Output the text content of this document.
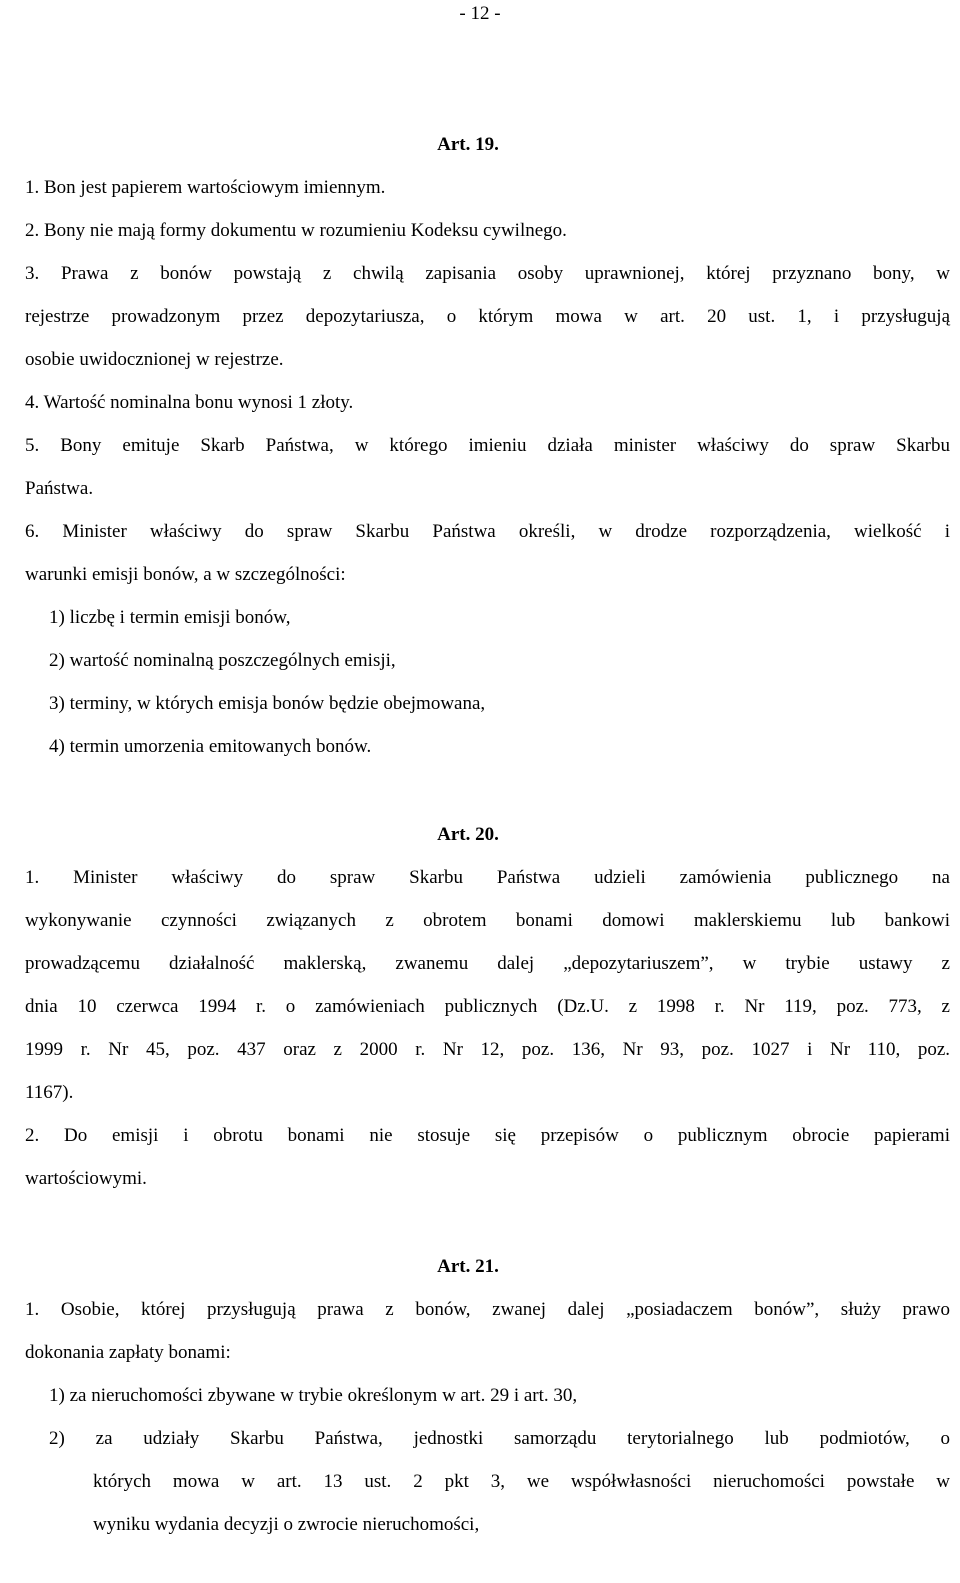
- 12 -
Art. 19.
1. Bon jest papierem wartościowym imiennym.
2. Bony nie mają formy dokumentu w rozumieniu Kodeksu cywilnego.
3. Prawa z bonów powstają z chwilą zapisania osoby uprawnionej, której przyznano bony, w
rejestrze prowadzonym przez depozytariusza, o którym mowa w art. 20 ust. 1, i przysługują
osobie uwidocznionej w rejestrze.
4. Wartość nominalna bonu wynosi 1 złoty.
5. Bony emituje Skarb Państwa, w którego imieniu działa minister właściwy do spraw Skarbu
Państwa.
6. Minister właściwy do spraw Skarbu Państwa określi, w drodze rozporządzenia, wielkość i
warunki emisji bonów, a w szczególności:
1) liczbę i termin emisji bonów,
2) wartość nominalną poszczególnych emisji,
3) terminy, w których emisja bonów będzie obejmowana,
4) termin umorzenia emitowanych bonów.
Art. 20.
1. Minister właściwy do spraw Skarbu Państwa udzieli zamówienia publicznego na
wykonywanie czynności związanych z obrotem bonami domowi maklerskiemu lub bankowi
prowadzącemu działalność maklerską, zwanemu dalej „depozytariuszem”, w trybie ustawy z
dnia 10 czerwca 1994 r. o zamówieniach publicznych (Dz.U. z 1998 r. Nr 119, poz. 773, z
1999 r. Nr 45, poz. 437 oraz z 2000 r. Nr 12, poz. 136, Nr 93, poz. 1027 i Nr 110, poz.
1167).
2. Do emisji i obrotu bonami nie stosuje się przepisów o publicznym obrocie papierami
wartościowymi.
Art. 21.
1. Osobie, której przysługują prawa z bonów, zwanej dalej „posiadaczem bonów”, służy prawo
dokonania zapłaty bonami:
1) za nieruchomości zbywane w trybie określonym w art. 29 i art. 30,
2) za udziały Skarbu Państwa, jednostki samorządu terytorialnego lub podmiotów, o
których mowa w art. 13 ust. 2 pkt 3, we współwłasności nieruchomości powstałe w
wyniku wydania decyzji o zwrocie nieruchomości,
